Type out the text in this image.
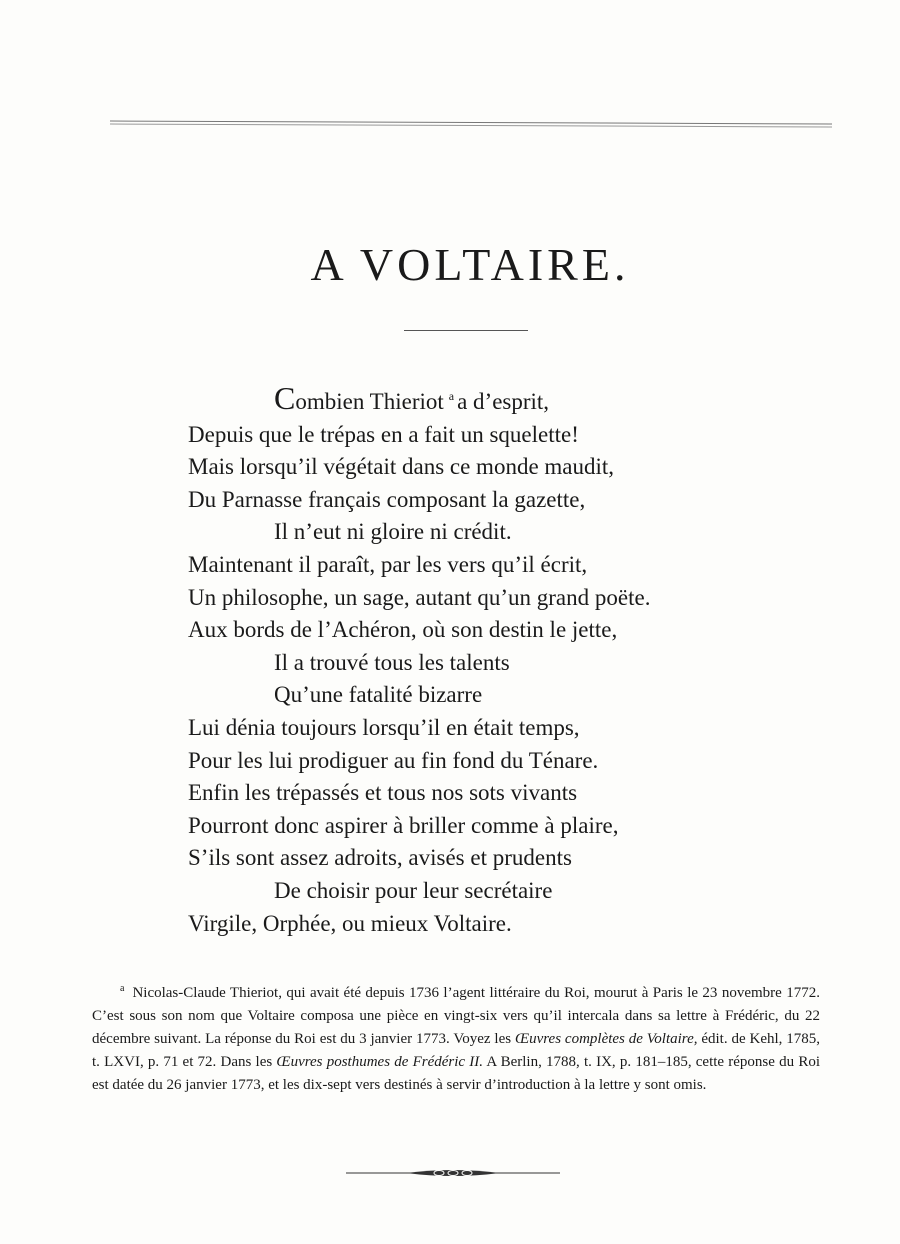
A VOLTAIRE.
Combien Thieriot $^a$ a d’esprit,
Depuis que le trépas en a fait un squelette!
Mais lorsqu’il végétait dans ce monde maudit,
Du Parnasse français composant la gazette,
Il n’eut ni gloire ni crédit.
Maintenant il paraît, par les vers qu’il écrit,
Un philosophe, un sage, autant qu’un grand poëte.
Aux bords de l’Achéron, où son destin le jette,
Il a trouvé tous les talents
Qu’une fatalité bizarre
Lui dénia toujours lorsqu’il en était temps,
Pour les lui prodiguer au fin fond du Ténare.
Enfin les trépassés et tous nos sots vivants
Pourront donc aspirer à briller comme à plaire,
S’ils sont assez adroits, avisés et prudents
De choisir pour leur secrétaire
Virgile, Orphée, ou mieux Voltaire.
$^a$ Nicolas-Claude Thieriot, qui avait été depuis 1736 l’agent littéraire du Roi, mourut à Paris le 23 novembre 1772. C’est sous son nom que Voltaire composa une pièce en vingt-six vers qu’il intercala dans sa lettre à Frédéric, du 22 décembre suivant. La réponse du Roi est du 3 janvier 1773. Voyez les Œuvres complètes de Voltaire, édit. de Kehl, 1785, t. LXVI, p. 71 et 72. Dans les Œuvres posthumes de Frédéric II. A Berlin, 1788, t. IX, p. 181–185, cette réponse du Roi est datée du 26 janvier 1773, et les dix-sept vers destinés à servir d’introduction à la lettre y sont omis.
